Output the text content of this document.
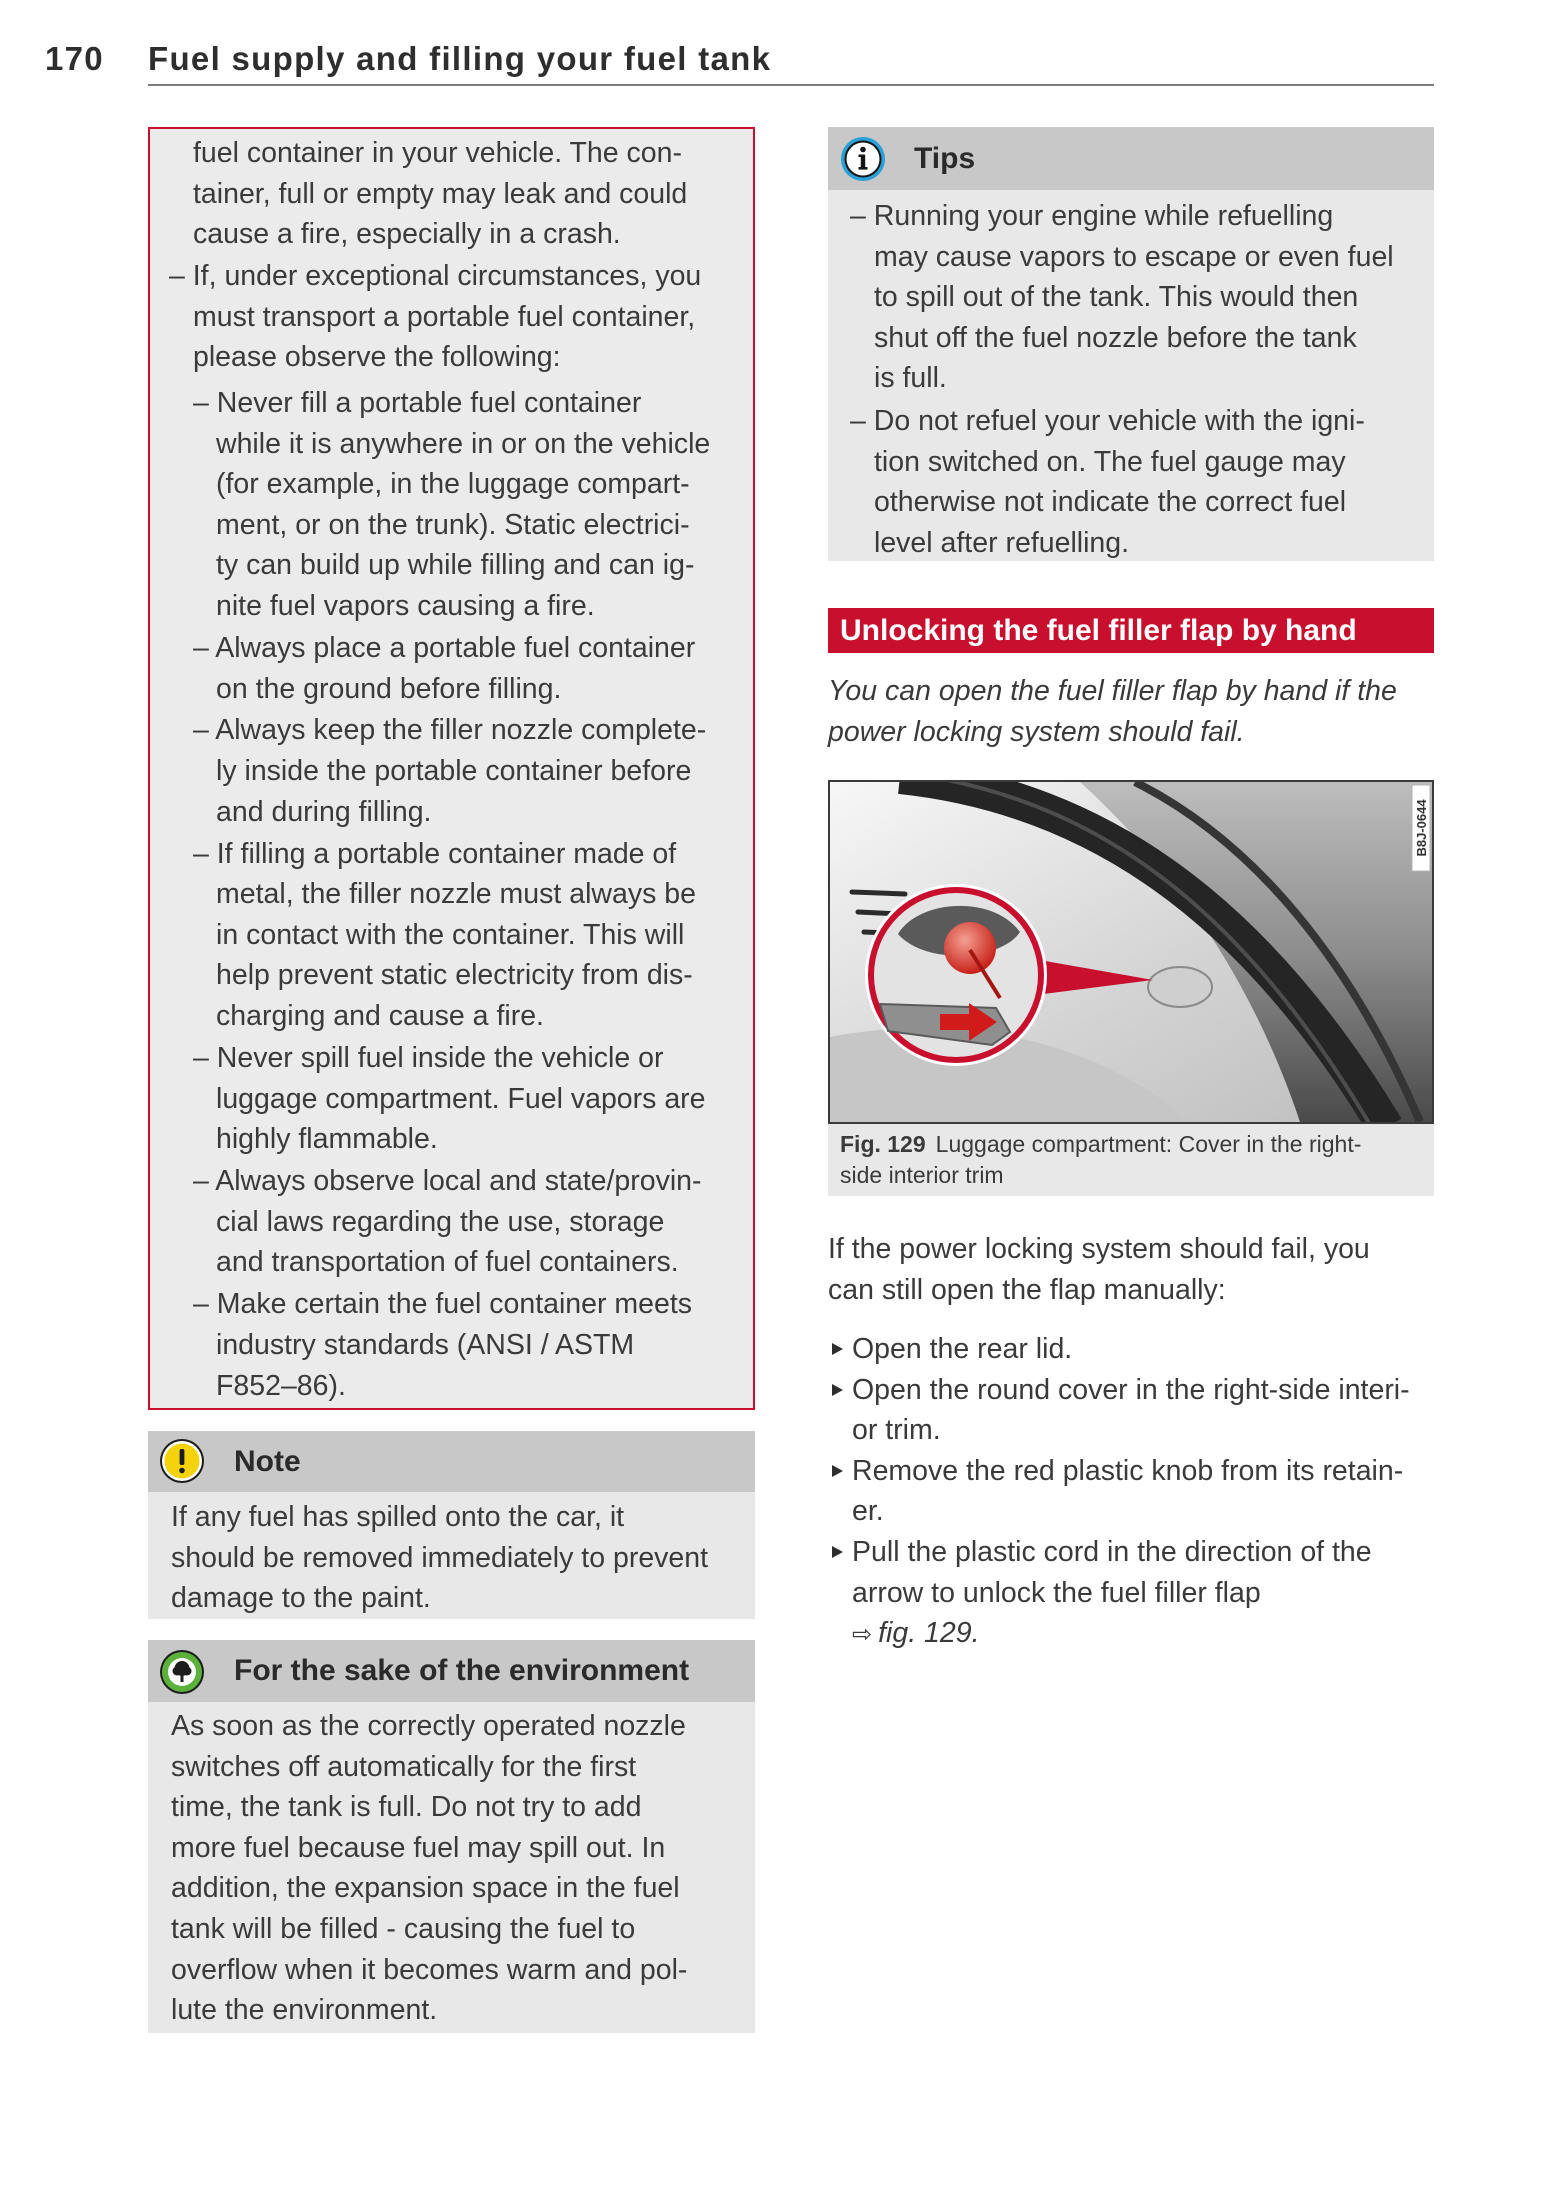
170 Fuel supply and filling your fuel tank
fuel container in your vehicle. The con-
tainer, full or empty may leak and could
cause a fire, especially in a crash.
– If, under exceptional circumstances, you
must transport a portable fuel container,
please observe the following:
– Never fill a portable fuel container
while it is anywhere in or on the vehicle
(for example, in the luggage compart-
ment, or on the trunk). Static electrici-
ty can build up while filling and can ig-
nite fuel vapors causing a fire.
– Always place a portable fuel container
on the ground before filling.
– Always keep the filler nozzle complete-
ly inside the portable container before
and during filling.
– If filling a portable container made of
metal, the filler nozzle must always be
in contact with the container. This will
help prevent static electricity from dis-
charging and cause a fire.
– Never spill fuel inside the vehicle or
luggage compartment. Fuel vapors are
highly flammable.
– Always observe local and state/provin-
cial laws regarding the use, storage
and transportation of fuel containers.
– Make certain the fuel container meets
industry standards (ANSI / ASTM
F852–86).
Note
If any fuel has spilled onto the car, it
should be removed immediately to prevent
damage to the paint.
For the sake of the environment
As soon as the correctly operated nozzle
switches off automatically for the first
time, the tank is full. Do not try to add
more fuel because fuel may spill out. In
addition, the expansion space in the fuel
tank will be filled - causing the fuel to
overflow when it becomes warm and pol-
lute the environment.
Tips
– Running your engine while refuelling
may cause vapors to escape or even fuel
to spill out of the tank. This would then
shut off the fuel nozzle before the tank
is full.
– Do not refuel your vehicle with the igni-
tion switched on. The fuel gauge may
otherwise not indicate the correct fuel
level after refuelling.
Unlocking the fuel filler flap by hand
You can open the fuel filler flap by hand if the
power locking system should fail.
B8J-0644
Fig. 129 Luggage compartment: Cover in the right-
side interior trim
If the power locking system should fail, you
can still open the flap manually:
Open the rear lid.
Open the round cover in the right-side interi-
or trim.
Remove the red plastic knob from its retain-
er.
Pull the plastic cord in the direction of the
arrow to unlock the fuel filler flap
⇨ fig. 129.
